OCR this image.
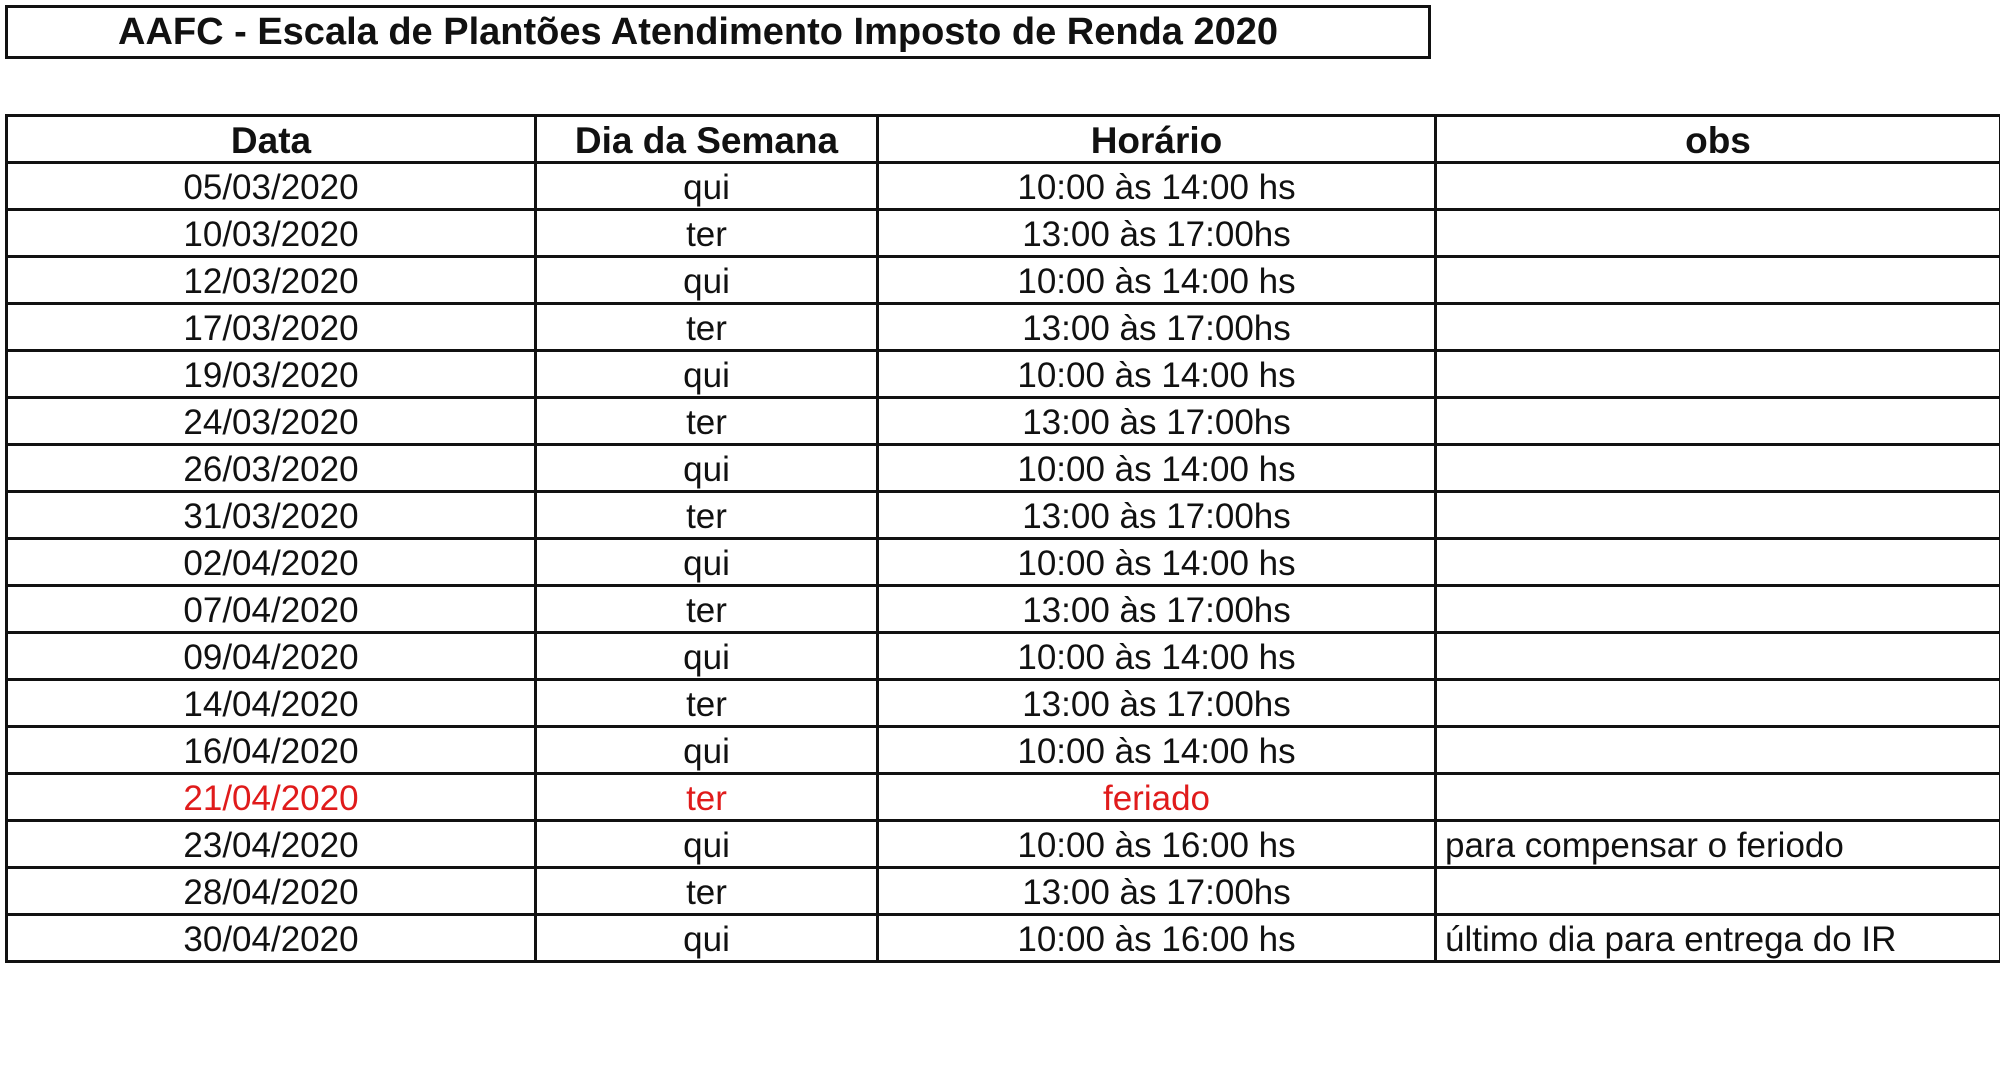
AAFC - Escala de Plantões Atendimento Imposto de Renda 2020
Data	Dia da Semana	Horário	obs
05/03/2020	qui	10:00 às 14:00 hs	
10/03/2020	ter	13:00 às 17:00hs	
12/03/2020	qui	10:00 às 14:00 hs	
17/03/2020	ter	13:00 às 17:00hs	
19/03/2020	qui	10:00 às 14:00 hs	
24/03/2020	ter	13:00 às 17:00hs	
26/03/2020	qui	10:00 às 14:00 hs	
31/03/2020	ter	13:00 às 17:00hs	
02/04/2020	qui	10:00 às 14:00 hs	
07/04/2020	ter	13:00 às 17:00hs	
09/04/2020	qui	10:00 às 14:00 hs	
14/04/2020	ter	13:00 às 17:00hs	
16/04/2020	qui	10:00 às 14:00 hs	
21/04/2020	ter	feriado	
23/04/2020	qui	10:00 às 16:00 hs	para compensar o feriodo
28/04/2020	ter	13:00 às 17:00hs	
30/04/2020	qui	10:00 às 16:00 hs	último dia para entrega do IR
